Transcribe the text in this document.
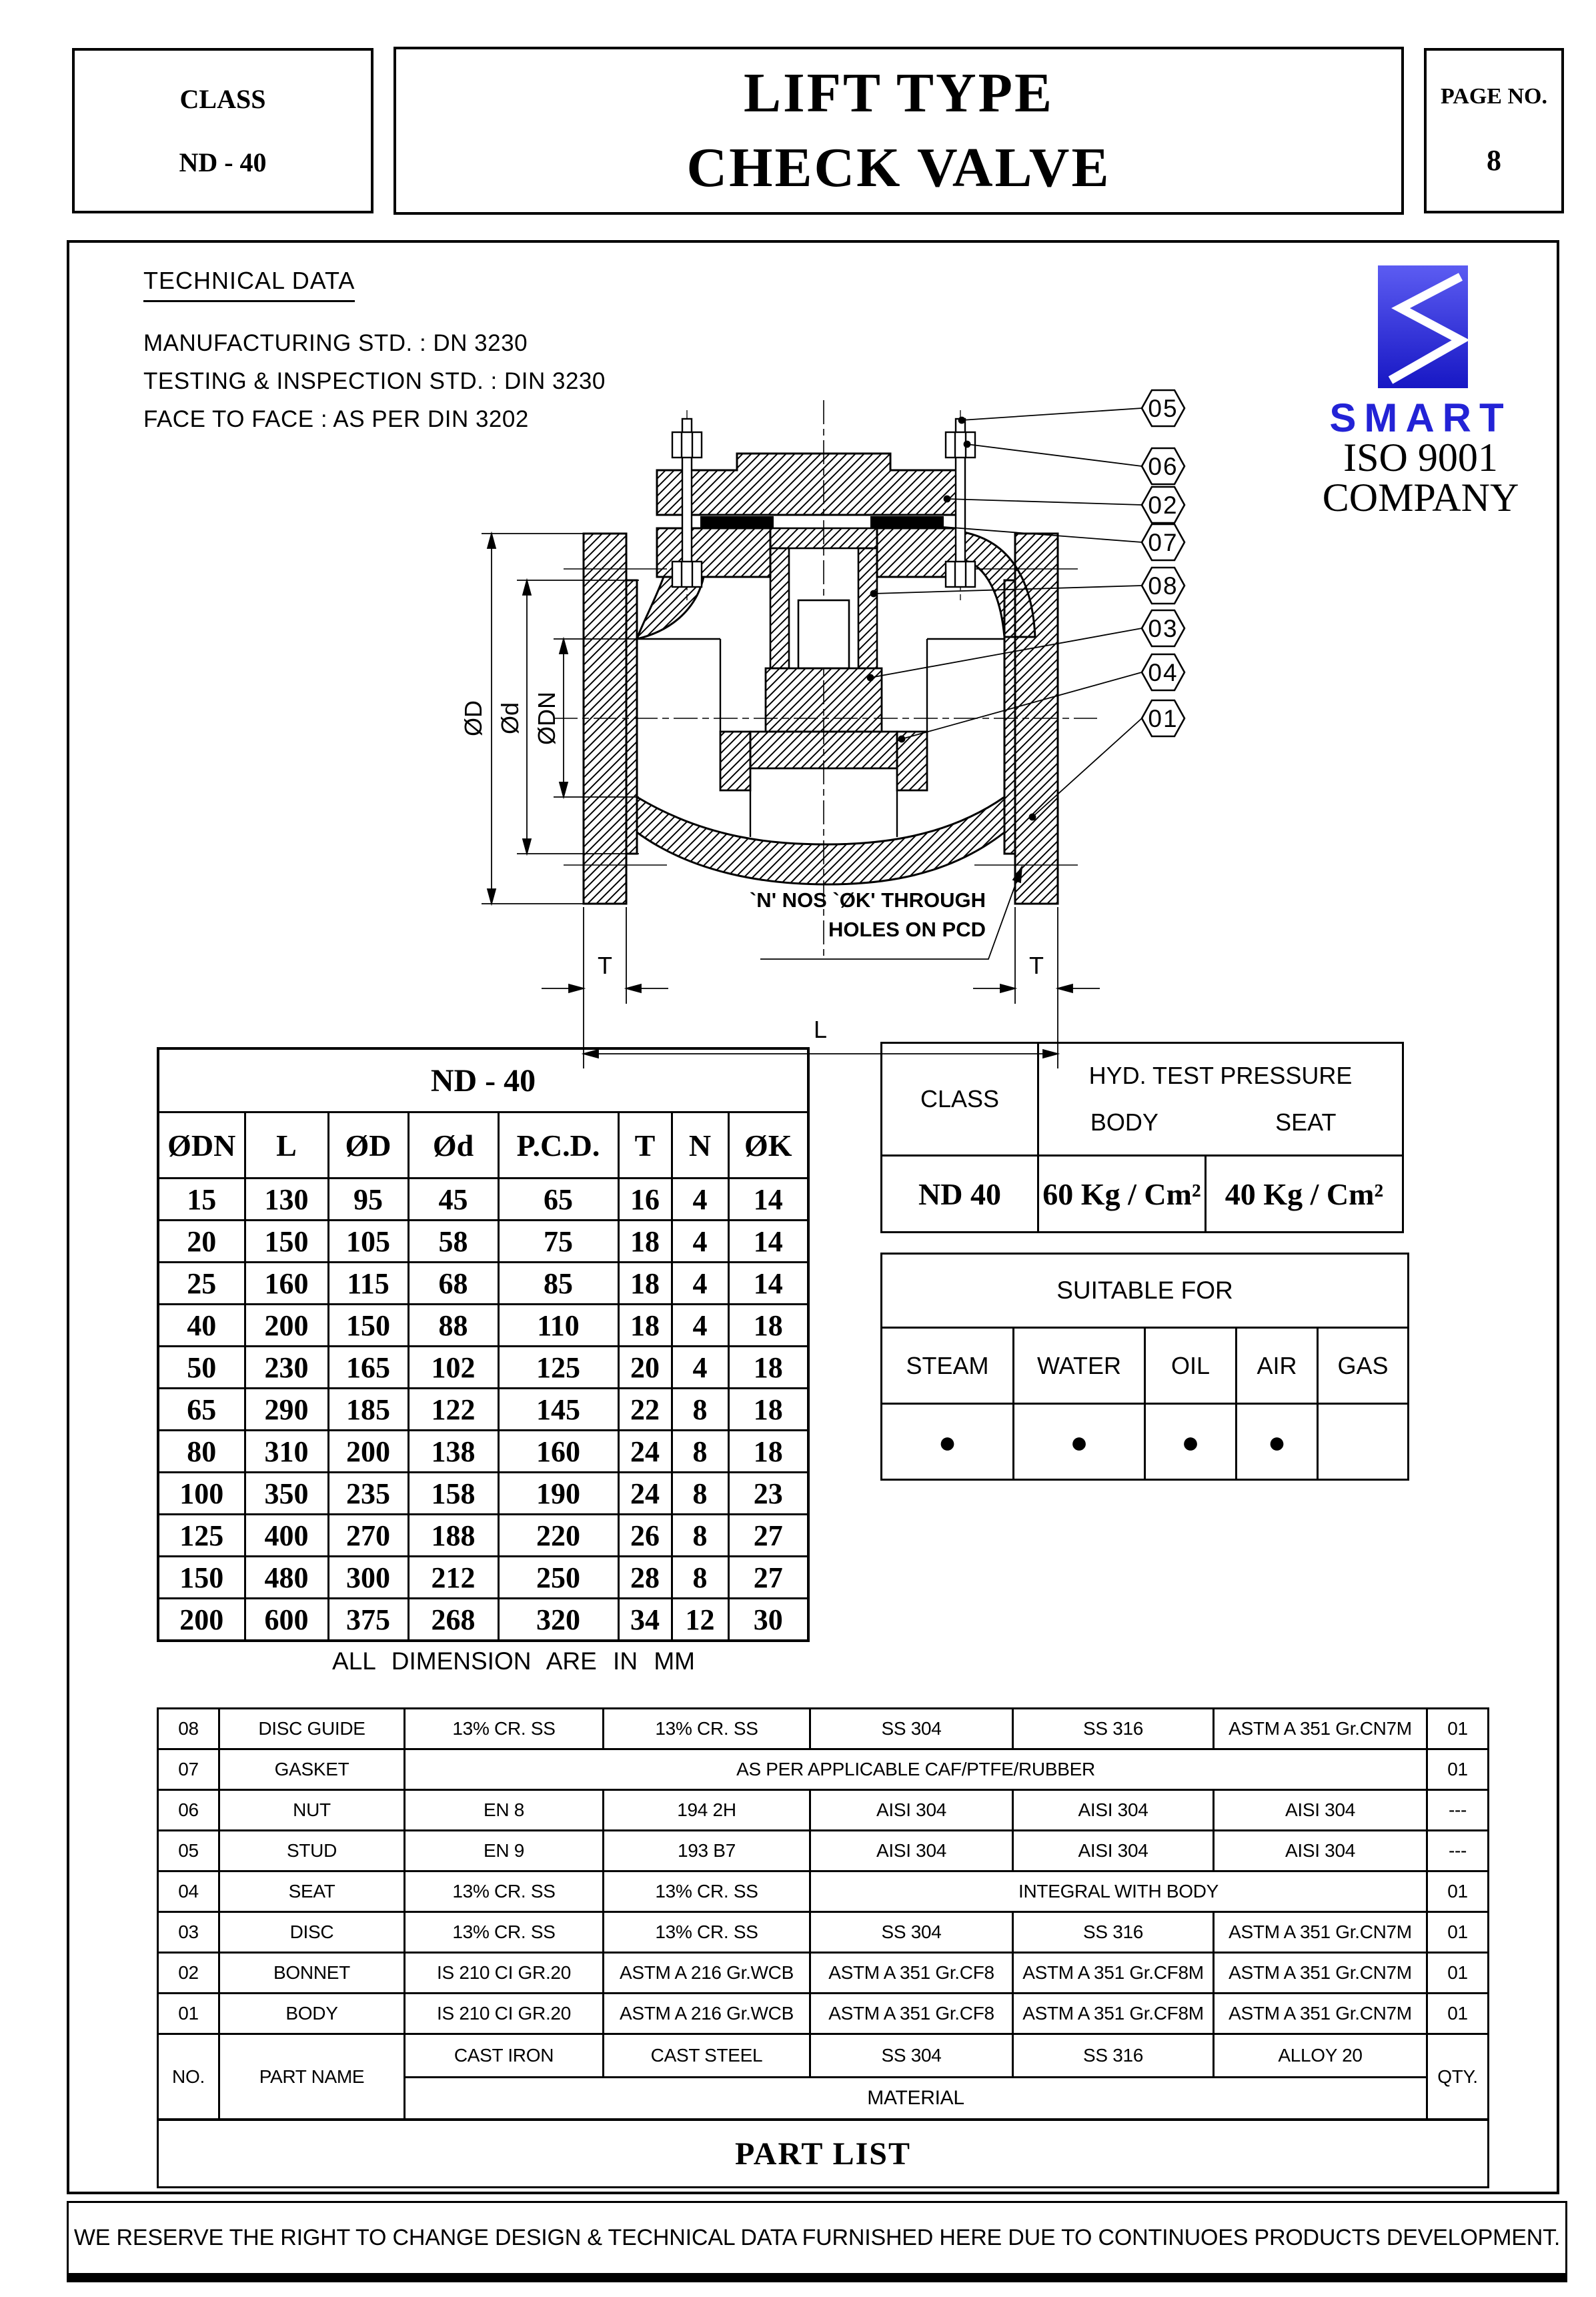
CLASS
ND - 40
LIFT TYPE
CHECK VALVE
PAGE NO.
8
TECHNICAL DATA
MANUFACTURING STD. : DN 3230
TESTING & INSPECTION STD. : DIN 3230
FACE TO FACE : AS PER DIN 3202	SMART
ISO 9001
COMPANY
ØD Ød ØDN
T	T
L
`N' NOS `ØK' THROUGH
HOLES ON PCD
05
06
02
07
08
03
04
01
ND - 40							
ØDN	L	ØD	Ød	P.C.D.	T	N	ØK
15	130	95	45	65	16	4	14
20	150	105	58	75	18	4	14
25	160	115	68	85	18	4	14
40	200	150	88	110	18	4	18
50	230	165	102	125	20	4	18
65	290	185	122	145	22	8	18
80	310	200	138	160	24	8	18
100	350	235	158	190	24	8	23
125	400	270	188	220	26	8	27
150	480	300	212	250	28	8	27
200	600	375	268	320	34	12	30
ALL DIMENSION ARE IN MM
CLASS	HYD. TEST PRESSURE
BODY SEAT	

ND 40	60 Kg / Cm²	40 Kg / Cm²
SUITABLE FOR				
STEAM	WATER	OIL	AIR	GAS
●	●	●	●	
08	DISC GUIDE	13% CR. SS	13% CR. SS	SS 304	SS 316	ASTM A 351 Gr.CN7M	01
07	GASKET	AS PER APPLICABLE CAF/PTFE/RUBBER					01
06	NUT	EN 8	194 2H	AISI 304	AISI 304	AISI 304	---
05	STUD	EN 9	193 B7	AISI 304	AISI 304	AISI 304	---
04	SEAT	13% CR. SS	13% CR. SS	INTEGRAL WITH BODY			01
03	DISC	13% CR. SS	13% CR. SS	SS 304	SS 316	ASTM A 351 Gr.CN7M	01
02	BONNET	IS 210 CI GR.20	ASTM A 216 Gr.WCB	ASTM A 351 Gr.CF8	ASTM A 351 Gr.CF8M	ASTM A 351 Gr.CN7M	01
01	BODY	IS 210 CI GR.20	ASTM A 216 Gr.WCB	ASTM A 351 Gr.CF8	ASTM A 351 Gr.CF8M	ASTM A 351 Gr.CN7M	01
NO.	PART NAME	CAST IRON	CAST STEEL	SS 304	SS 316	ALLOY 20	QTY.
		MATERIAL					
PART LIST							
WE RESERVE THE RIGHT TO CHANGE DESIGN & TECHNICAL DATA FURNISHED HERE DUE TO CONTINUOES PRODUCTS DEVELOPMENT.
